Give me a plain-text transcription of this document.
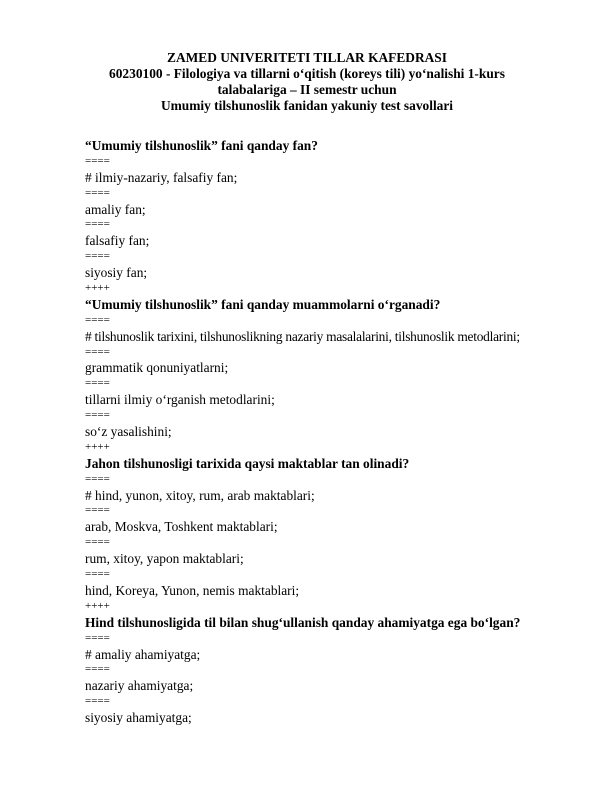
ZAMED UNIVERITETI TILLAR KAFEDRASI
60230100 - Filologiya va tillarni o‘qitish (koreys tili) yo‘nalishi 1-kurs
talabalariga – II semestr uchun
Umumiy tilshunoslik fanidan yakuniy test savollari
“Umumiy tilshunoslik” fani qanday fan?
====
# ilmiy-nazariy, falsafiy fan;
====
amaliy fan;
====
falsafiy fan;
====
siyosiy fan;
++++
“Umumiy tilshunoslik” fani qanday muammolarni o‘rganadi?
====
# tilshunoslik tarixini, tilshunoslikning nazariy masalalarini, tilshunoslik metodlarini;
====
grammatik qonuniyatlarni;
====
tillarni ilmiy o‘rganish metodlarini;
====
so‘z yasalishini;
++++
Jahon tilshunosligi tarixida qaysi maktablar tan olinadi?
====
# hind, yunon, xitoy, rum, arab maktablari;
====
arab, Moskva, Toshkent maktablari;
====
rum, xitoy, yapon maktablari;
====
hind, Koreya, Yunon, nemis maktablari;
++++
Hind tilshunosligida til bilan shug‘ullanish qanday ahamiyatga ega bo‘lgan?
====
# amaliy ahamiyatga;
====
nazariy ahamiyatga;
====
siyosiy ahamiyatga;
